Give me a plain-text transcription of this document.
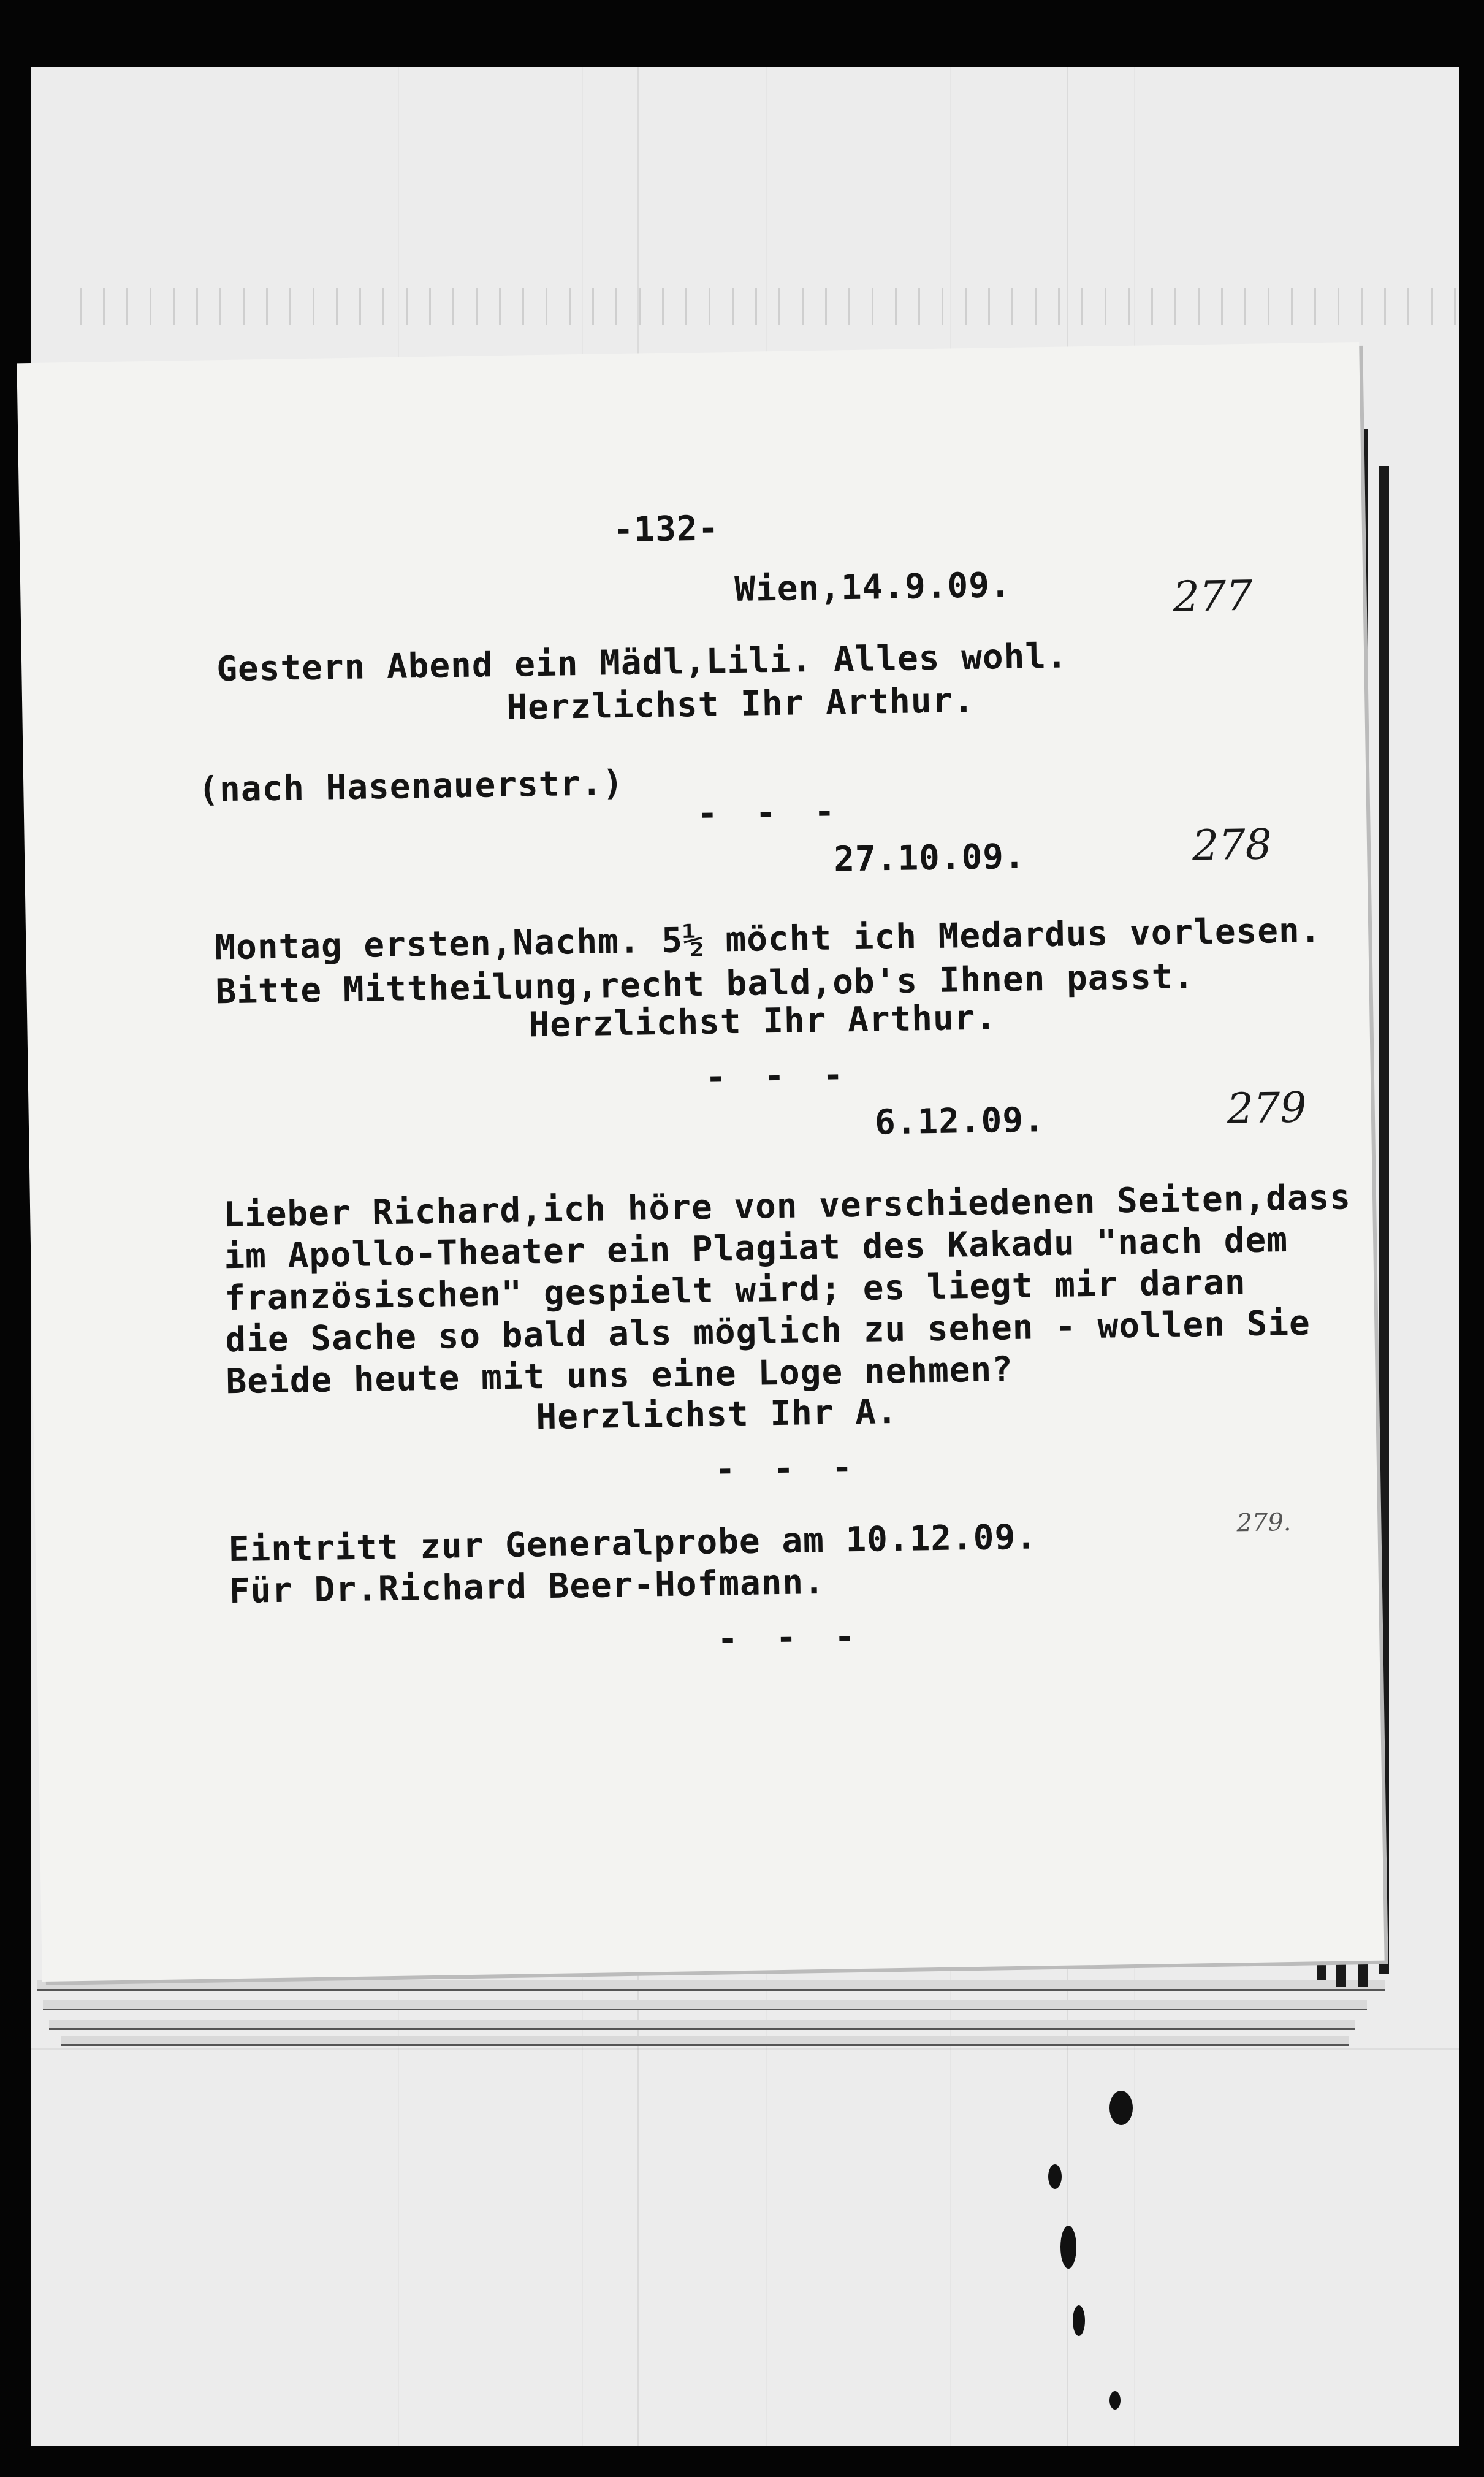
-132-
Wien,14.9.09.	277
Gestern Abend ein Mädl,Lili. Alles wohl.
Herzlichst Ihr Arthur.
(nach Hasenauerstr.)
- - -
27.10.09.	278
Montag ersten,Nachm. 5½ möcht ich Medardus vorlesen.
Bitte Mittheilung,recht bald,ob's Ihnen passt.
Herzlichst Ihr Arthur.
- - -
6.12.09.	279
Lieber Richard,ich höre von verschiedenen Seiten,dass
im Apollo-Theater ein Plagiat des Kakadu "nach dem
französischen" gespielt wird; es liegt mir daran
die Sache so bald als möglich zu sehen - wollen Sie
Beide heute mit uns eine Loge nehmen?
Herzlichst Ihr A.
- - -
279.
Eintritt zur Generalprobe am 10.12.09.
Für Dr.Richard Beer-Hofmann.
- - -
